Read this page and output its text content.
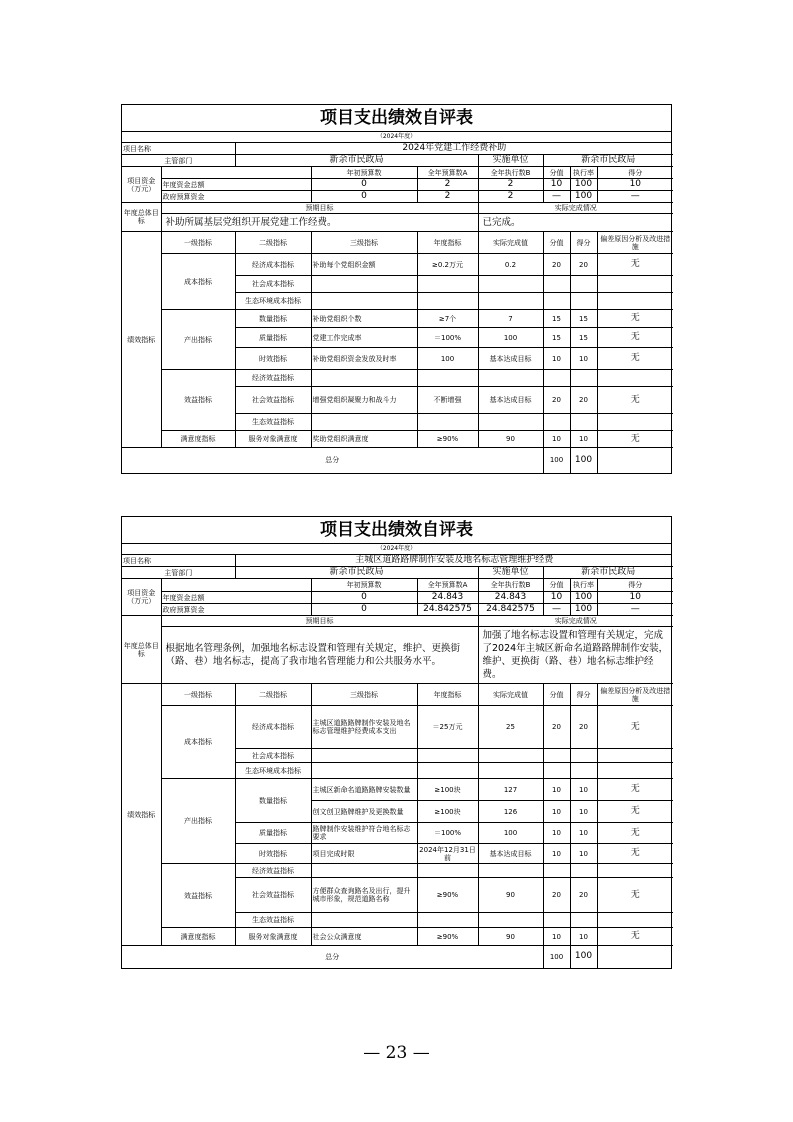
项目支出绩效自评表
（2024年度）
项目名称		2024年党建工作经费补助						
主管部门		新余市民政局			实施单位	新余市民政局		
项目资金（万元）			年初预算数	全年预算数A	全年执行数B	分值	执行率	得分
	年度资金总额		0	2	2	10	100	10
	政府预算资金		0	2	2	—	100	—
年度总体目标	预期目标				实际完成情况			
	补助所属基层党组织开展党建工作经费。				已完成。			
绩效指标	一级指标	二级指标	三级指标	年度指标	实际完成值	分值	得分	偏差原因分析及改进措施
	成本指标	经济成本指标	补助每个党组织金额	≥0.2万元	0.2	20	20	无
		社会成本指标						
		生态环境成本指标						
	产出指标	数量指标	补助党组织个数	≥7个	7	15	15	无
		质量指标	党建工作完成率	＝100%	100	15	15	无
		时效指标	补助党组织资金发放及时率	100	基本达成目标	10	10	无
	效益指标	经济效益指标						
		社会效益指标	增强党组织凝聚力和战斗力	不断增强	基本达成目标	20	20	无
		生态效益指标						
	满意度指标	服务对象满意度	奖助党组织满意度	≥90%	90	10	10	无
总分						100	100	
项目支出绩效自评表
（2024年度）
项目名称		主城区道路路牌制作安装及地名标志管理维护经费						
主管部门		新余市民政局			实施单位	新余市民政局		
项目资金（万元）			年初预算数	全年预算数A	全年执行数B	分值	执行率	得分
	年度资金总额		0	24.843	24.843	10	100	10
	政府预算资金		0	24.842575	24.842575	—	100	—
年度总体目标	预期目标				实际完成情况			
	根据地名管理条例，加强地名标志设置和管理有关规定，维护、更换街（路、巷）地名标志，提高了我市地名管理能力和公共服务水平。				加强了地名标志设置和管理有关规定，完成了2024年主城区新命名道路路牌制作安装，维护、更换街（路、巷）地名标志维护经费。			
绩效指标	一级指标	二级指标	三级指标	年度指标	实际完成值	分值	得分	偏差原因分析及改进措施
	成本指标	经济成本指标	主城区道路路牌制作安装及地名标志管理维护经费成本支出	＝25万元	25	20	20	无
		社会成本指标						
		生态环境成本指标						
	产出指标	数量指标	主城区新命名道路路牌安装数量	≥100块	127	10	10	无
			创文创卫路牌维护及更换数量	≥100块	126	10	10	无
		质量指标	路牌制作安装维护符合地名标志要求	＝100%	100	10	10	无
		时效指标	项目完成时限	2024年12月31日前	基本达成目标	10	10	无
	效益指标	经济效益指标						
		社会效益指标	方便群众查询路名及出行，提升城市形象，规范道路名称	≥90%	90	20	20	无
		生态效益指标						
	满意度指标	服务对象满意度	社会公众满意度	≥90%	90	10	10	无
总分						100	100	
— 23 —
